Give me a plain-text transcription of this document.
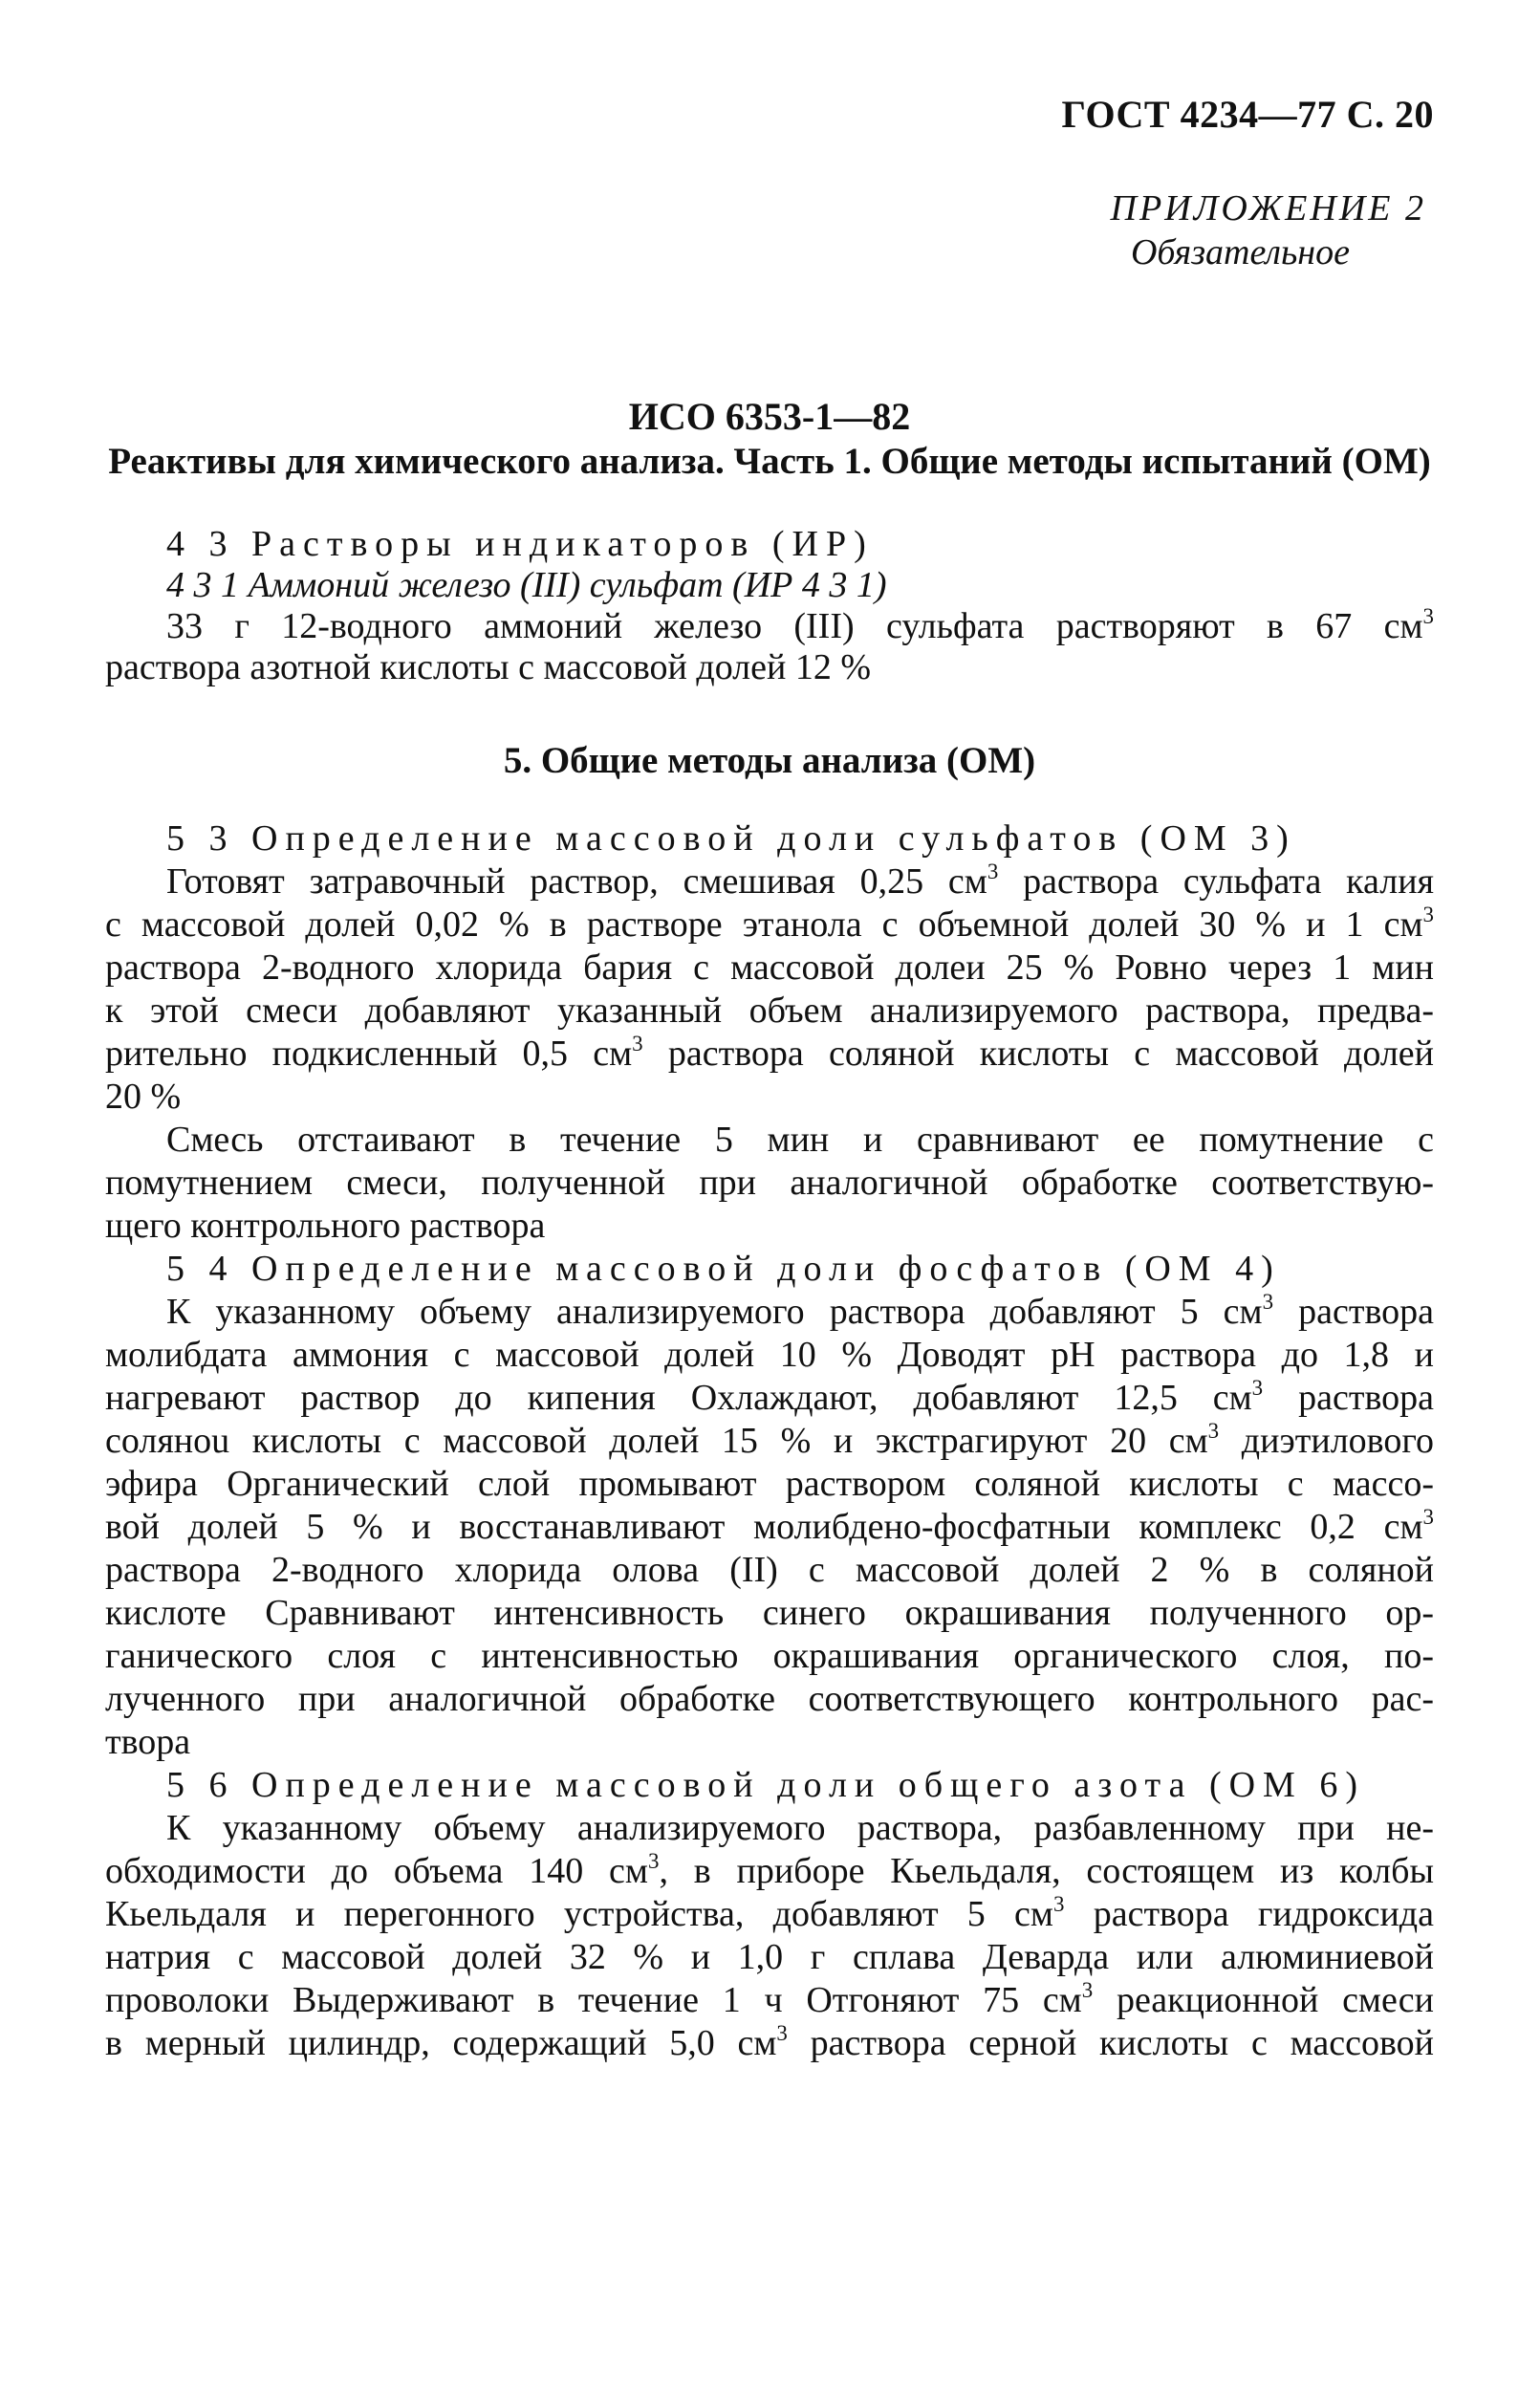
ГОСТ 4234—77 С. 20
ПРИЛОЖЕНИЕ 2
Обязательное
ИСО 6353-1—82
Реактивы для химического анализа. Часть 1. Общие методы испытаний (ОМ)
4 3 Растворы индикаторов (ИР)
4 3 1 Аммоний железо (III) сульфат (ИР 4 3 1)
33 г 12-водного аммоний железо (III) сульфата растворяют в 67 $см^3$
раствора азотной кислоты с массовой долей 12 %
5. Общие методы анализа (ОМ)
5 3 Определение массовой доли сульфатов (ОМ 3)
Готовят затравочный раствор, смешивая 0,25 $см^3$ раствора сульфата калия
с массовой долей 0,02 % в растворе этанола с объемной долей 30 % и 1 $см^3$
раствора 2-водного хлорида бария с массовой долеи 25 % Ровно через 1 мин
к этой смеси добавляют указанный объем анализируемого раствора, предва-
рительно подкисленный 0,5 $см^3$ раствора соляной кислоты с массовой долей
20 %
Смесь отстаивают в течение 5 мин и сравнивают ее помутнение с
помутнением смеси, полученной при аналогичной обработке соответствую-
щего контрольного раствора
5 4 Определение массовой доли фосфатов (ОМ 4)
К указанному объему анализируемого раствора добавляют 5 $см^3$ раствора
молибдата аммония с массовой долей 10 % Доводят рН раствора до 1,8 и
нагревают раствор до кипения Охлаждают, добавляют 12,5 $см^3$ раствора
соляноu кислоты с массовой долей 15 % и экстрагируют 20 $см^3$ диэтилового
эфира Органический слой промывают раствором соляной кислоты с массо-
вой долей 5 % и восстанавливают молибдено-фосфатныи комплекс 0,2 $см^3$
раствора 2-водного хлорида олова (II) с массовой долей 2 % в соляной
кислоте Сравнивают интенсивность синего окрашивания полученного ор-
ганического слоя с интенсивностью окрашивания органического слоя, по-
лученного при аналогичной обработке соответствующего контрольного рас-
твора
5 6 Определение массовой доли общего азота (ОМ 6)
К указанному объему анализируемого раствора, разбавленному при не-
обходимости до объема 140 $см^3$, в приборе Кьельдаля, состоящем из колбы
Кьельдаля и перегонного устройства, добавляют 5 $см^3$ раствора гидроксида
натрия с массовой долей 32 % и 1,0 г сплава Деварда или алюминиевой
проволоки Выдерживают в течение 1 ч Отгоняют 75 $см^3$ реакционной смеси
в мерный цилиндр, содержащий 5,0 $см^3$ раствора серной кислоты с массовой
